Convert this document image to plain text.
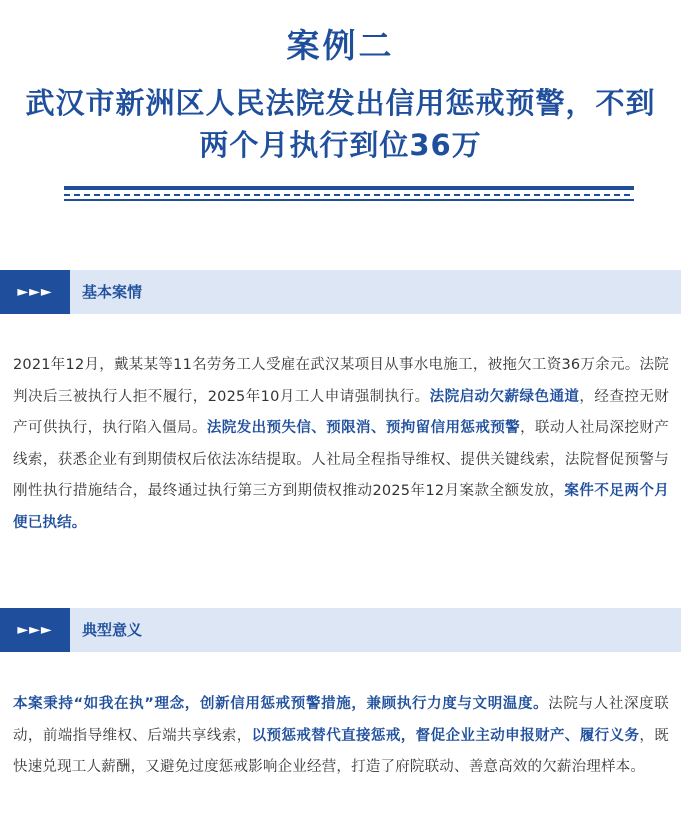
案例二
武汉市新洲区人民法院发出信用惩戒预警，不到两个月执行到位36万
►►►	基本案情
2021年12月，戴某某等11名劳务工人受雇在武汉某项目从事水电施工，被拖欠工资36万余元。法院判决后三被执行人拒不履行，2025年10月工人申请强制执行。法院启动欠薪绿色通道，经查控无财产可供执行，执行陷入僵局。法院发出预失信、预限消、预拘留信用惩戒预警，联动人社局深挖财产线索，获悉企业有到期债权后依法冻结提取。人社局全程指导维权、提供关键线索，法院督促预警与刚性执行措施结合，最终通过执行第三方到期债权推动2025年12月案款全额发放，案件不足两个月便已执结。
►►►	典型意义
本案秉持“如我在执”理念，创新信用惩戒预警措施，兼顾执行力度与文明温度。法院与人社深度联动，前端指导维权、后端共享线索，以预惩戒替代直接惩戒，督促企业主动申报财产、履行义务，既快速兑现工人薪酬，又避免过度惩戒影响企业经营，打造了府院联动、善意高效的欠薪治理样本。
